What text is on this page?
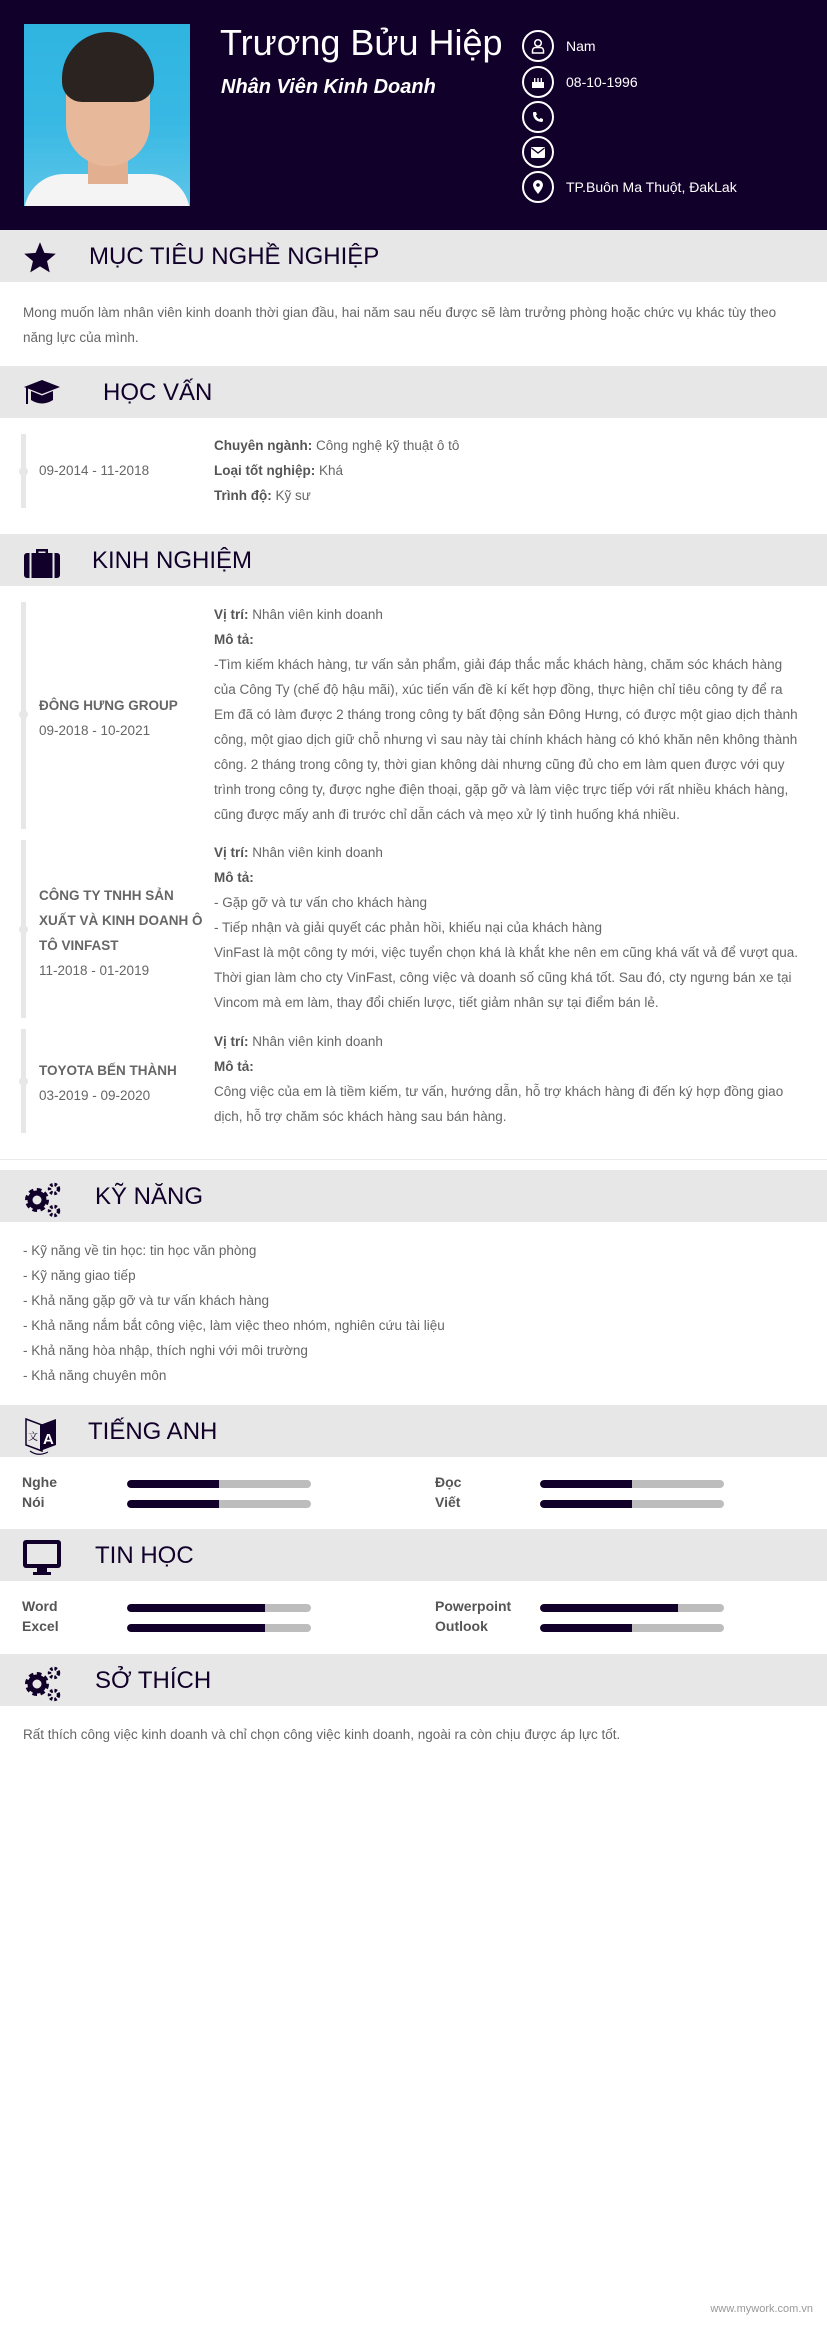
Trương Bửu Hiệp
Nhân Viên Kinh Doanh
Nam
08-10-1996
TP.Buôn Ma Thuột, ĐakLak
MỤC TIÊU NGHỀ NGHIỆP
Mong muốn làm nhân viên kinh doanh thời gian đầu, hai năm sau nếu được sẽ làm trưởng phòng hoặc chức vụ khác tùy theo năng lực của mình.
HỌC VẤN
09-2014 - 11-2018
Chuyên ngành: Công nghệ kỹ thuật ô tô
Loại tốt nghiệp: Khá
Trình độ: Kỹ sư
KINH NGHIỆM
ĐÔNG HƯNG GROUP
09-2018 - 10-2021
Vị trí: Nhân viên kinh doanh
Mô tả:
-Tìm kiếm khách hàng, tư vấn sản phẩm, giải đáp thắc mắc khách hàng, chăm sóc khách hàng của Công Ty (chế độ hậu mãi), xúc tiến vấn đề kí kết hợp đồng, thực hiện chỉ tiêu công ty để ra
Em đã có làm được 2 tháng trong công ty bất động sản Đông Hưng, có được một giao dịch thành công, một giao dịch giữ chỗ nhưng vì sau này tài chính khách hàng có khó khăn nên không thành công. 2 tháng trong công ty, thời gian không dài nhưng cũng đủ cho em làm quen được với quy trình trong công ty, được nghe điện thoại, gặp gỡ và làm việc trực tiếp với rất nhiều khách hàng, cũng được mấy anh đi trước chỉ dẫn cách và mẹo xử lý tình huống khá nhiều.
CÔNG TY TNHH SẢN XUẤT VÀ KINH DOANH Ô TÔ VINFAST
11-2018 - 01-2019
Vị trí: Nhân viên kinh doanh
Mô tả:
- Gặp gỡ và tư vấn cho khách hàng
- Tiếp nhận và giải quyết các phản hồi, khiếu nại của khách hàng
VinFast là một công ty mới, việc tuyển chọn khá là khắt khe nên em cũng khá vất vả để vượt qua. Thời gian làm cho cty VinFast, công việc và doanh số cũng khá tốt. Sau đó, cty ngưng bán xe tại Vincom mà em làm, thay đổi chiến lược, tiết giảm nhân sự tại điểm bán lẻ.
TOYOTA BẾN THÀNH
03-2019 - 09-2020
Vị trí: Nhân viên kinh doanh
Mô tả:
Công việc của em là tiềm kiếm, tư vấn, hướng dẫn, hỗ trợ khách hàng đi đến ký hợp đồng giao dịch, hỗ trợ chăm sóc khách hàng sau bán hàng.
KỸ NĂNG
- Kỹ năng về tin học: tin học văn phòng
- Kỹ năng giao tiếp
- Khả năng gặp gỡ và tư vấn khách hàng
- Khả năng nắm bắt công việc, làm việc theo nhóm, nghiên cứu tài liệu
- Khả năng hòa nhập, thích nghi với môi trường
- Khả năng chuyên môn
A
文 TIẾNG ANH
Nghe	Đọc
Nói	Viết
TIN HỌC
Word	Powerpoint
Excel	Outlook
SỞ THÍCH
Rất thích công việc kinh doanh và chỉ chọn công việc kinh doanh, ngoài ra còn chịu được áp lực tốt.
www.mywork.com.vn
